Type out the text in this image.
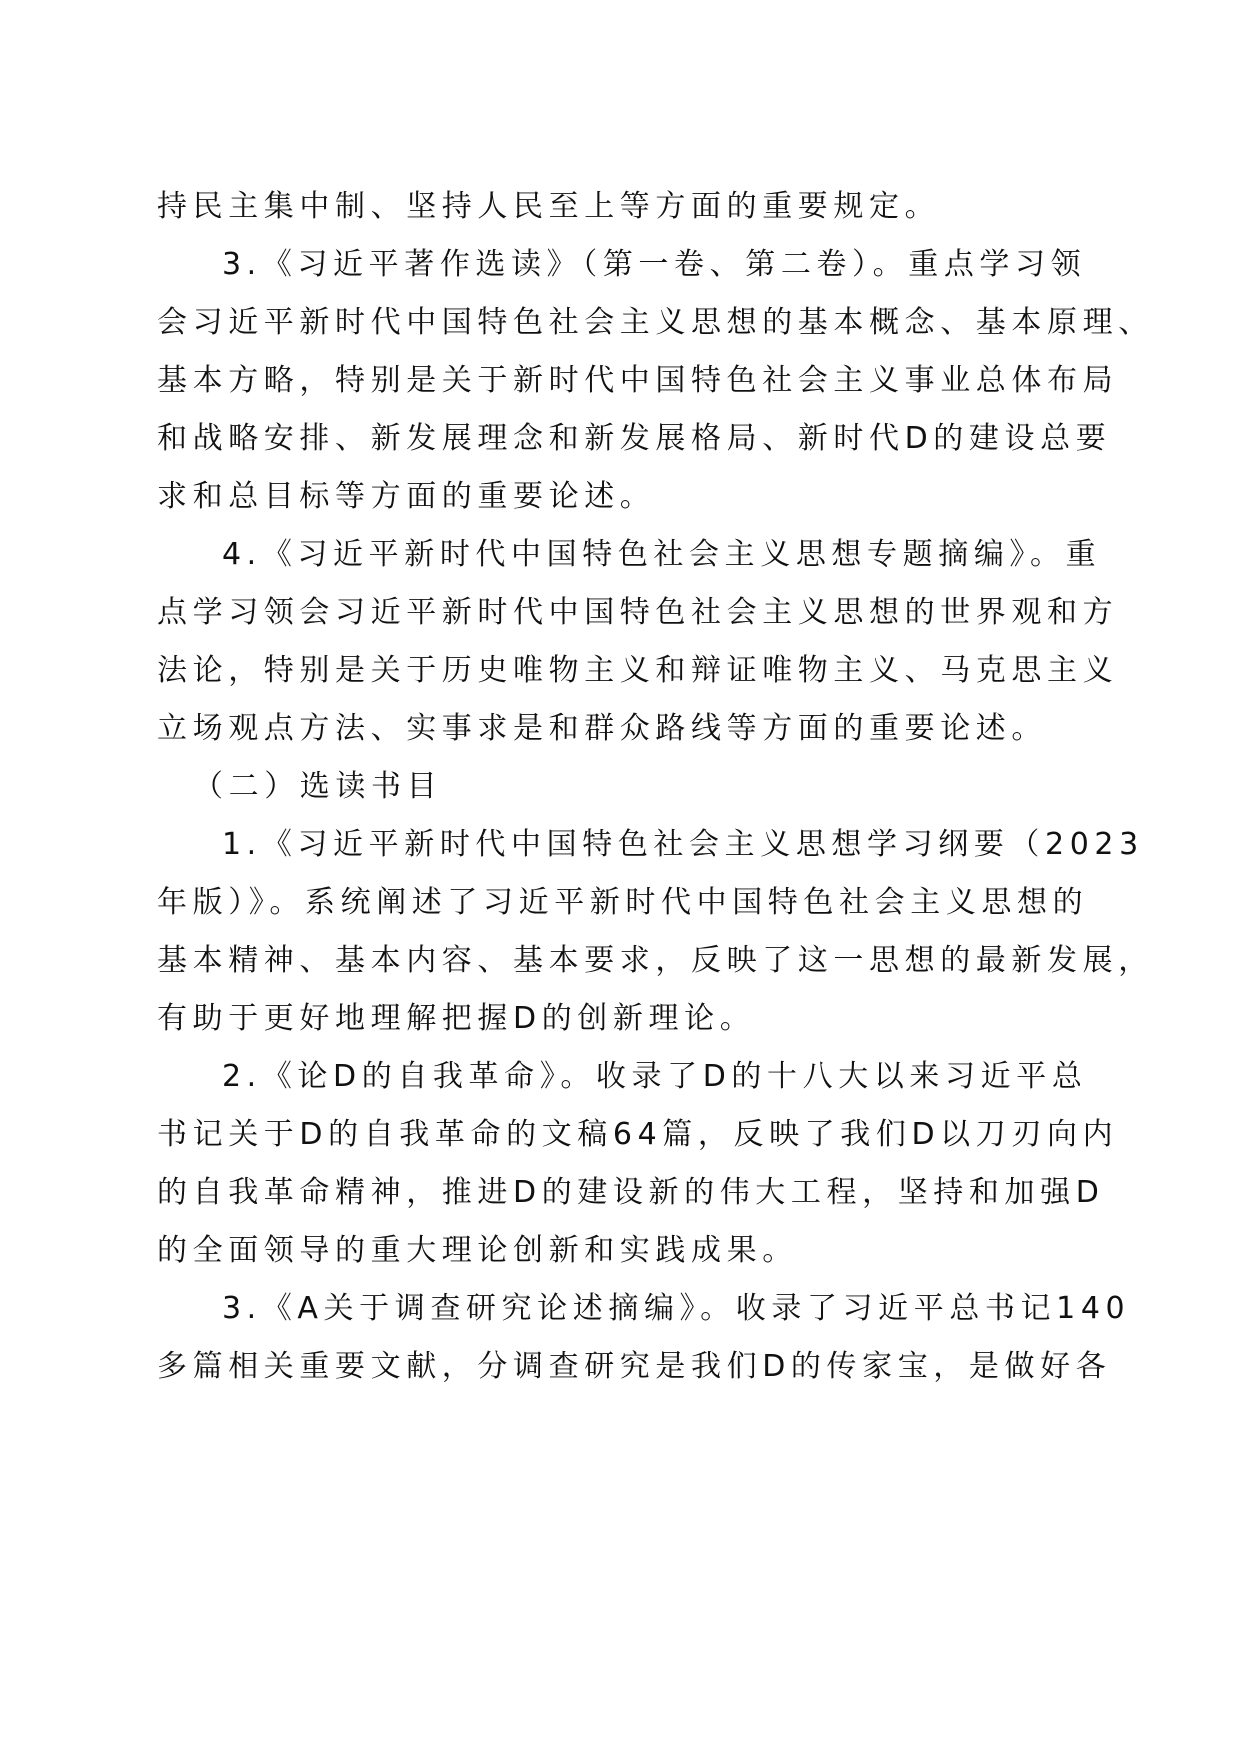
持民主集中制、坚持人民至上等方面的重要规定。
3.《习近平著作选读》（第一卷、第二卷）。重点学习领
会习近平新时代中国特色社会主义思想的基本概念、基本原理、
基本方略，特别是关于新时代中国特色社会主义事业总体布局
和战略安排、新发展理念和新发展格局、新时代D的建设总要
求和总目标等方面的重要论述。
4.《习近平新时代中国特色社会主义思想专题摘编》。重
点学习领会习近平新时代中国特色社会主义思想的世界观和方
法论，特别是关于历史唯物主义和辩证唯物主义、马克思主义
立场观点方法、实事求是和群众路线等方面的重要论述。
（二）选读书目
1.《习近平新时代中国特色社会主义思想学习纲要（2023
年版）》。系统阐述了习近平新时代中国特色社会主义思想的
基本精神、基本内容、基本要求，反映了这一思想的最新发展，
有助于更好地理解把握D的创新理论。
2.《论D的自我革命》。收录了D的十八大以来习近平总
书记关于D的自我革命的文稿64篇，反映了我们D以刀刃向内
的自我革命精神，推进D的建设新的伟大工程，坚持和加强D
的全面领导的重大理论创新和实践成果。
3.《A关于调查研究论述摘编》。收录了习近平总书记140
多篇相关重要文献，分调查研究是我们D的传家宝，是做好各
